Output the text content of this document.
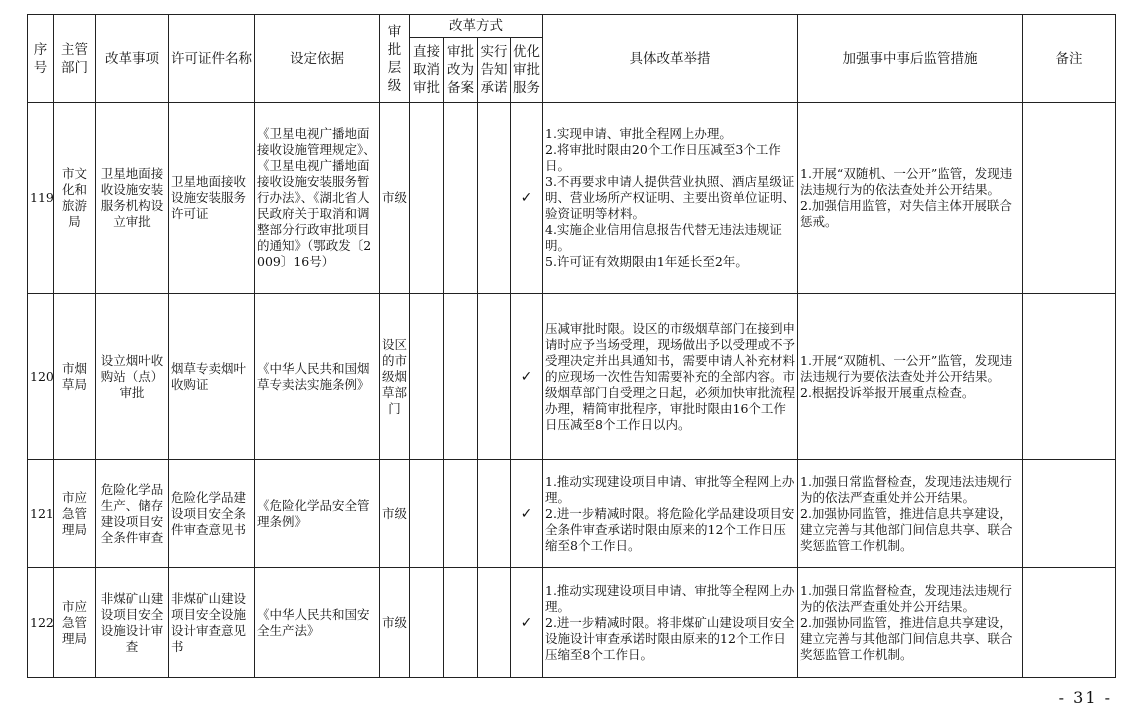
序号	主管部门	改革事项	许可证件名称	设定依据	审批层级	改革方式				具体改革举措	加强事中事后监管措施	备注
						直接取消审批	审批改为备案	实行告知承诺	优化审批服务			
119	市文化和旅游局	卫星地面接收设施安装服务机构设立审批	卫星地面接收设施安装服务许可证	《卫星电视广播地面接收设施管理规定》、《卫星电视广播地面接收设施安装服务暂行办法》、《湖北省人民政府关于取消和调整部分行政审批项目的通知》（鄂政发〔2009〕16号）	市级				✓	1.实现申请、审批全程网上办理。
2.将审批时限由20个工作日压减至3个工作日。
3.不再要求申请人提供营业执照、酒店星级证明、营业场所产权证明、主要出资单位证明、验资证明等材料。
4.实施企业信用信息报告代替无违法违规证明。
5.许可证有效期限由1年延长至2年。	1.开展“双随机、一公开”监管，发现违法违规行为的依法查处并公开结果。
2.加强信用监管，对失信主体开展联合惩戒。	
120	市烟草局	设立烟叶收购站（点）审批	烟草专卖烟叶收购证	《中华人民共和国烟草专卖法实施条例》	设区的市级烟草部门				✓	压减审批时限。设区的市级烟草部门在接到申请时应予当场受理，现场做出予以受理或不予受理决定并出具通知书，需要申请人补充材料的应现场一次性告知需要补充的全部内容。市级烟草部门自受理之日起，必须加快审批流程办理，精简审批程序，审批时限由16个工作日压减至8个工作日以内。	1.开展“双随机、一公开”监管，发现违法违规行为要依法查处并公开结果。
2.根据投诉举报开展重点检查。	
121	市应急管理局	危险化学品生产、储存建设项目安全条件审查	危险化学品建设项目安全条件审查意见书	《危险化学品安全管理条例》	市级				✓	1.推动实现建设项目申请、审批等全程网上办理。
2.进一步精减时限。将危险化学品建设项目安全条件审查承诺时限由原来的12个工作日压缩至8个工作日。	1.加强日常监督检查，发现违法违规行为的依法严查重处并公开结果。
2.加强协同监管，推进信息共享建设，建立完善与其他部门间信息共享、联合奖惩监管工作机制。	
122	市应急管理局	非煤矿山建设项目安全设施设计审查	非煤矿山建设项目安全设施设计审查意见书	《中华人民共和国安全生产法》	市级				✓	1.推动实现建设项目申请、审批等全程网上办理。
2.进一步精减时限。将非煤矿山建设项目安全设施设计审查承诺时限由原来的12个工作日压缩至8个工作日。	1.加强日常监督检查，发现违法违规行为的依法严查重处并公开结果。
2.加强协同监管，推进信息共享建设，建立完善与其他部门间信息共享、联合奖惩监管工作机制。	
- 31 -
